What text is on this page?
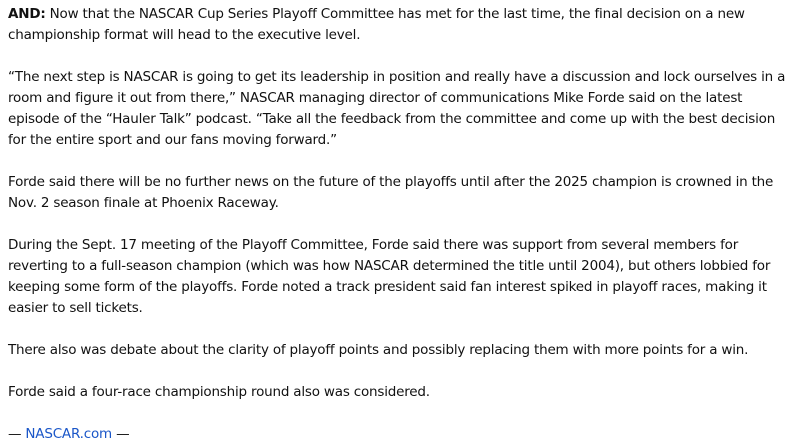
AND: Now that the NASCAR Cup Series Playoff Committee has met for the last time, the final decision on a new championship format will head to the executive level.

“The next step is NASCAR is going to get its leadership in position and really have a discussion and lock ourselves in a room and figure it out from there,” NASCAR managing director of communications Mike Forde said on the latest episode of the “Hauler Talk” podcast. “Take all the feedback from the committee and come up with the best decision for the entire sport and our fans moving forward.”

Forde said there will be no further news on the future of the playoffs until after the 2025 champion is crowned in the Nov. 2 season finale at Phoenix Raceway.

During the Sept. 17 meeting of the Playoff Committee, Forde said there was support from several members for reverting to a full-season champion (which was how NASCAR determined the title until 2004), but others lobbied for keeping some form of the playoffs. Forde noted a track president said fan interest spiked in playoff races, making it easier to sell tickets.

There also was debate about the clarity of playoff points and possibly replacing them with more points for a win.

Forde said a four-race championship round also was considered.

— NASCAR.com —
